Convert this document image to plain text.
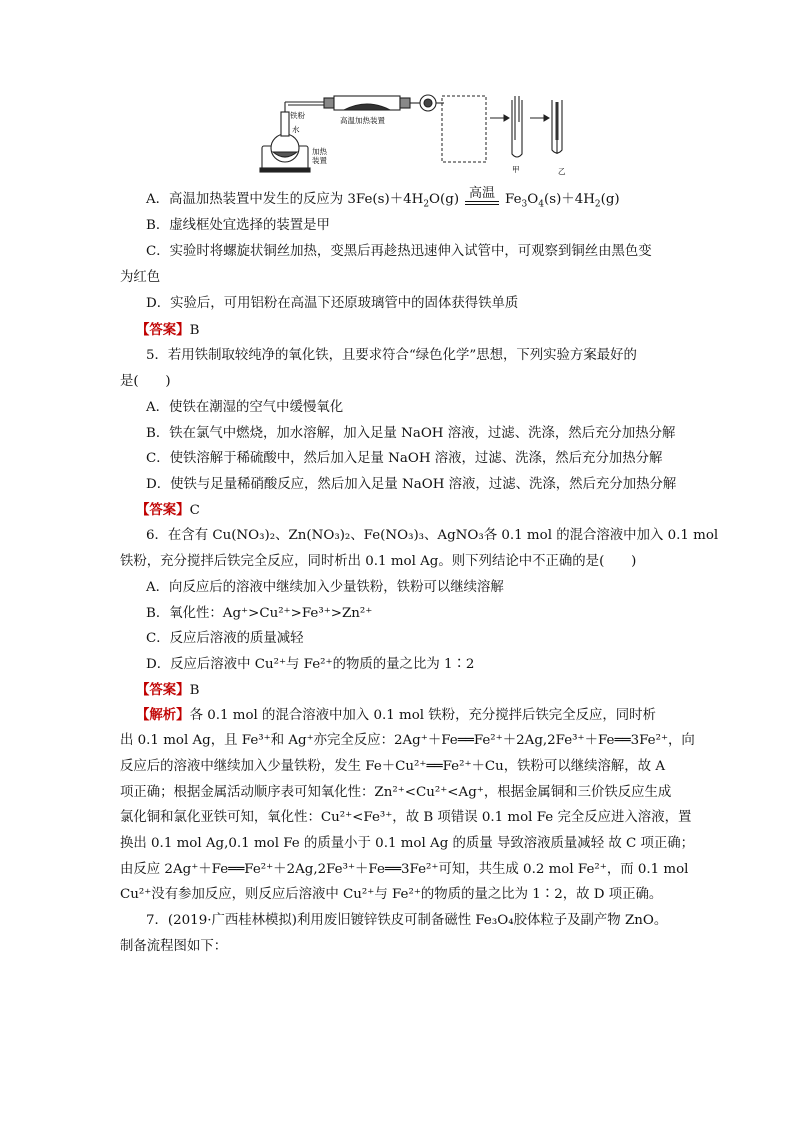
铁粉
水
加热
装置
高温加热装置
甲	乙
A．高温加热装置中发生的反应为 $3Fe(s)+4H_2O(g)$ 高温 $Fe_3O_4(s)+4H_2(g)$
B．虚线框处宜选择的装置是甲
C．实验时将螺旋状铜丝加热，变黑后再趁热迅速伸入试管中，可观察到铜丝由黑色变
为红色
D．实验后，可用铝粉在高温下还原玻璃管中的固体获得铁单质
【答案】B
5．若用铁制取较纯净的氧化铁，且要求符合“绿色化学”思想，下列实验方案最好的
是(　　)
A．使铁在潮湿的空气中缓慢氧化
B．铁在氯气中燃烧，加水溶解，加入足量 NaOH 溶液，过滤、洗涤，然后充分加热分解
C．使铁溶解于稀硫酸中，然后加入足量 NaOH 溶液，过滤、洗涤，然后充分加热分解
D．使铁与足量稀硝酸反应，然后加入足量 NaOH 溶液，过滤、洗涤，然后充分加热分解
【答案】C
6．在含有 Cu(NO₃)₂、Zn(NO₃)₂、Fe(NO₃)₃、AgNO₃各 0.1 mol 的混合溶液中加入 0.1 mol
铁粉，充分搅拌后铁完全反应，同时析出 0.1 mol Ag。则下列结论中不正确的是(　　)
A．向反应后的溶液中继续加入少量铁粉，铁粉可以继续溶解
B．氧化性：Ag⁺>Cu²⁺>Fe³⁺>Zn²⁺
C．反应后溶液的质量减轻
D．反应后溶液中 Cu²⁺与 Fe²⁺的物质的量之比为 1∶2
【答案】B
【解析】各 0.1 mol 的混合溶液中加入 0.1 mol 铁粉，充分搅拌后铁完全反应，同时析
出 0.1 mol Ag，且 Fe³⁺和 Ag⁺亦完全反应：2Ag⁺＋Fe══Fe²⁺＋2Ag,2Fe³⁺＋Fe══3Fe²⁺，向
反应后的溶液中继续加入少量铁粉，发生 Fe＋Cu²⁺══Fe²⁺＋Cu，铁粉可以继续溶解，故 A
项正确；根据金属活动顺序表可知氧化性：Zn²⁺<Cu²⁺<Ag⁺，根据金属铜和三价铁反应生成
氯化铜和氯化亚铁可知，氧化性：Cu²⁺<Fe³⁺，故 B 项错误 0.1 mol Fe 完全反应进入溶液，置
换出 0.1 mol Ag,0.1 mol Fe 的质量小于 0.1 mol Ag 的质量 导致溶液质量减轻 故 C 项正确；
由反应 2Ag⁺＋Fe══Fe²⁺＋2Ag,2Fe³⁺＋Fe══3Fe²⁺可知，共生成 0.2 mol Fe²⁺，而 0.1 mol
Cu²⁺没有参加反应，则反应后溶液中 Cu²⁺与 Fe²⁺的物质的量之比为 1∶2，故 D 项正确。
7．(2019·广西桂林模拟)利用废旧镀锌铁皮可制备磁性 Fe₃O₄胶体粒子及副产物 ZnO。
制备流程图如下：
